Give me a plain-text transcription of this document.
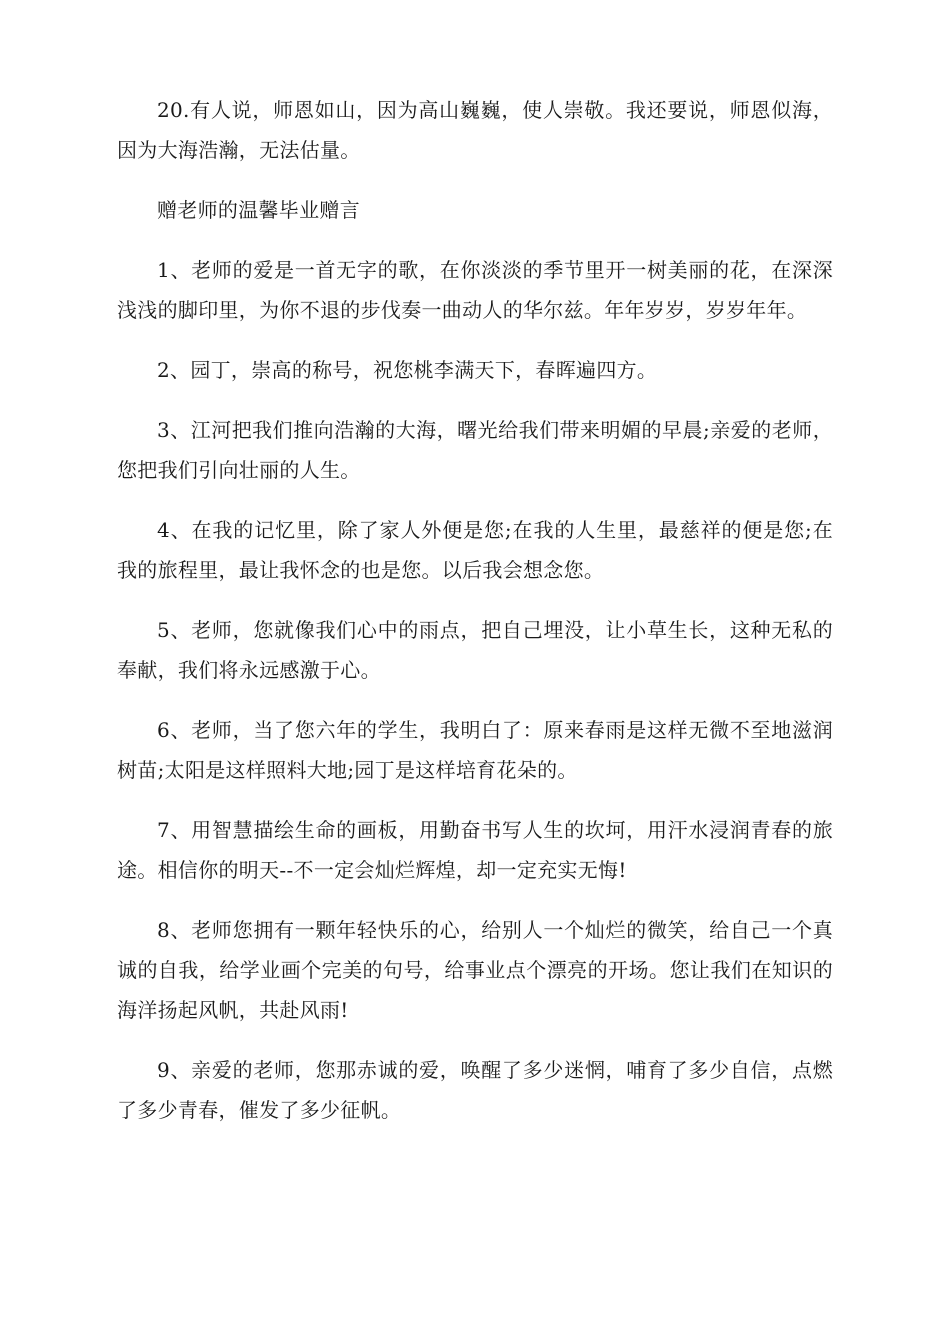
20.有人说，师恩如山，因为高山巍巍，使人崇敬。我还要说，师恩似海，因为大海浩瀚，无法估量。

赠老师的温馨毕业赠言

1、老师的爱是一首无字的歌，在你淡淡的季节里开一树美丽的花，在深深浅浅的脚印里，为你不退的步伐奏一曲动人的华尔兹。年年岁岁，岁岁年年。

2、园丁，崇高的称号，祝您桃李满天下，春晖遍四方。

3、江河把我们推向浩瀚的大海，曙光给我们带来明媚的早晨;亲爱的老师，您把我们引向壮丽的人生。

4、在我的记忆里，除了家人外便是您;在我的人生里，最慈祥的便是您;在我的旅程里，最让我怀念的也是您。以后我会想念您。

5、老师，您就像我们心中的雨点，把自己埋没，让小草生长，这种无私的奉献，我们将永远感激于心。

6、老师，当了您六年的学生，我明白了：原来春雨是这样无微不至地滋润树苗;太阳是这样照料大地;园丁是这样培育花朵的。

7、用智慧描绘生命的画板，用勤奋书写人生的坎坷，用汗水浸润青春的旅途。相信你的明天--不一定会灿烂辉煌，却一定充实无悔!

8、老师您拥有一颗年轻快乐的心，给别人一个灿烂的微笑，给自己一个真诚的自我，给学业画个完美的句号，给事业点个漂亮的开场。您让我们在知识的海洋扬起风帆，共赴风雨!

9、亲爱的老师，您那赤诚的爱，唤醒了多少迷惘，哺育了多少自信，点燃了多少青春，催发了多少征帆。
